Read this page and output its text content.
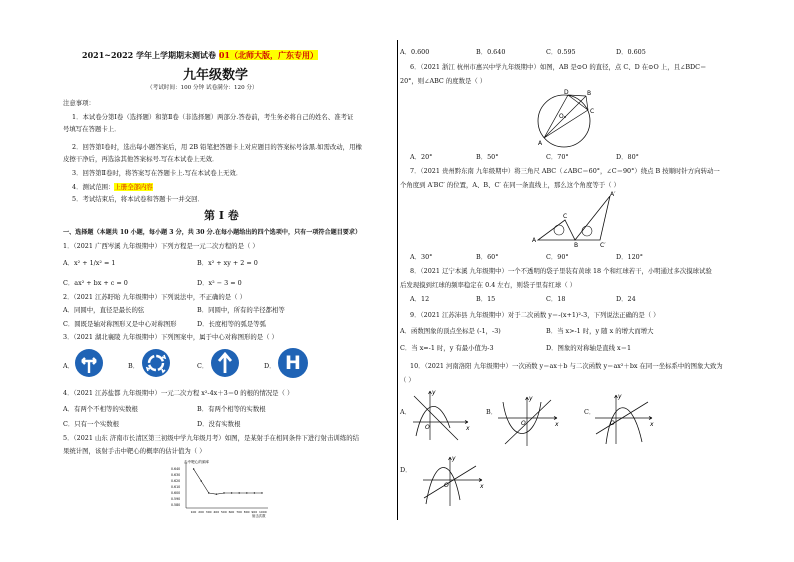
2021~2022 学年上学期期末测试卷 01（北师大版，广东专用）
九年级数学
（考试时间：100 分钟 试卷满分：120 分）
注意事项：
1．本试卷分第Ⅰ卷（选择题）和第Ⅱ卷（非选择题）两部分.答卷前，考生务必将自己的姓名、准考证
号填写在答题卡上．
2．回答第Ⅰ卷时，选出每小题答案后，用 2B 铅笔把答题卡上对应题目的答案标号涂黑.如需改动，用橡
皮擦干净后，再选涂其他答案标号.写在本试卷上无效．
3．回答第Ⅱ卷时，将答案写在答题卡上.写在本试卷上无效．
4．测试范围：上册全部内容
5．考试结束后，将本试卷和答题卡一并交回．
第 Ⅰ 卷
一、选择题（本题共 10 小题，每小题 3 分，共 30 分.在每小题给出的四个选项中，只有一项符合题目要求）
1．（2021 广西岑溪 九年级期中）下列方程是一元二次方程的是（ ）
A．x² + 1/x² = 1	B．x² + xy + 2 = 0
C．ax² + bx + c = 0	D．x² − 3 = 0
2．（2021 江苏盱眙 九年级期中）下列说法中，不正确的是（ ）
A．同圆中，直径是最长的弦	B．同圆中，所有的半径都相等
C．圆既是轴对称图形又是中心对称图形	D．长度相等的弧是等弧
3．（2021 湖北襄陵 九年级期中）下列图案中，属于中心对称图形的是（ ）
A．	B．	C．	D． H
4．（2021 江苏盐都 九年级期中）一元二次方程 x²-4x＋3＝0 的根的情况是（ ）
A．有两个不相等的实数根	B．有两个相等的实数根
C．只有一个实数根	D．没有实数根
5．（2021 山东 济南市长清区第三初级中学九年级月考）如图，是某射手在相同条件下进行射击训练的结
果统计图，该射手击中靶心的概率的估计值为（ ）
击中靶心的频率
射击次数
0.640
0.630
0.620
0.610
0.600
0.590
0.580
100 200 300 400 500 600 700 800 900 1000
A．0.600	B．0.640	C．0.595	D．0.605
6．（2021 浙江 杭州市惠兴中学九年级期中）如图，AB 是⊙O 的直径，点 C、D 在⊙O 上，且∠BDC＝
20°，则∠ABC 的度数是（ ）
A
B
C
D
O
A．20°	B．50°	C．70°	D．80°
7．（2021 贵州黔东南 九年级期中）将三角尺 ABC（∠ABC＝60°，∠C＝90°）绕点 B 按顺时针方向转动一
个角度到 A′BC′ 的位置，A、B、C′ 在同一条直线上，那么这个角度等于（ ）
A
B
C
C′
A′
A．30°	B．60°	C．90°	D．120°
8．（2021 辽宁本溪 九年级期中）一个不透明的袋子里装有黄球 18 个和红球若干，小明通过多次摸球试验
后发现摸到红球的频率稳定在 0.4 左右，则袋子里有红球（ ）
A．12	B．15	C．18	D．24
9．（2021 江苏沛县 九年级期中）对于二次函数 y＝-(x+1)²-3，下列说法正确的是（ ）
A．函数图象的顶点坐标是 (-1，-3)	B．当 x>-1 时，y 随 x 的增大而增大
C．当 x=-1 时，y 有最小值为-3	D．图象的对称轴是直线 x＝1
10．（2021 河南洛阳 九年级期中）一次函数 y＝ax＋b 与二次函数 y＝ax²＋bx 在同一坐标系中的图象大致为
（ ）
A．	B．	C．
D．
O	x
y
O	x
y
O	x
y
O	x
y
